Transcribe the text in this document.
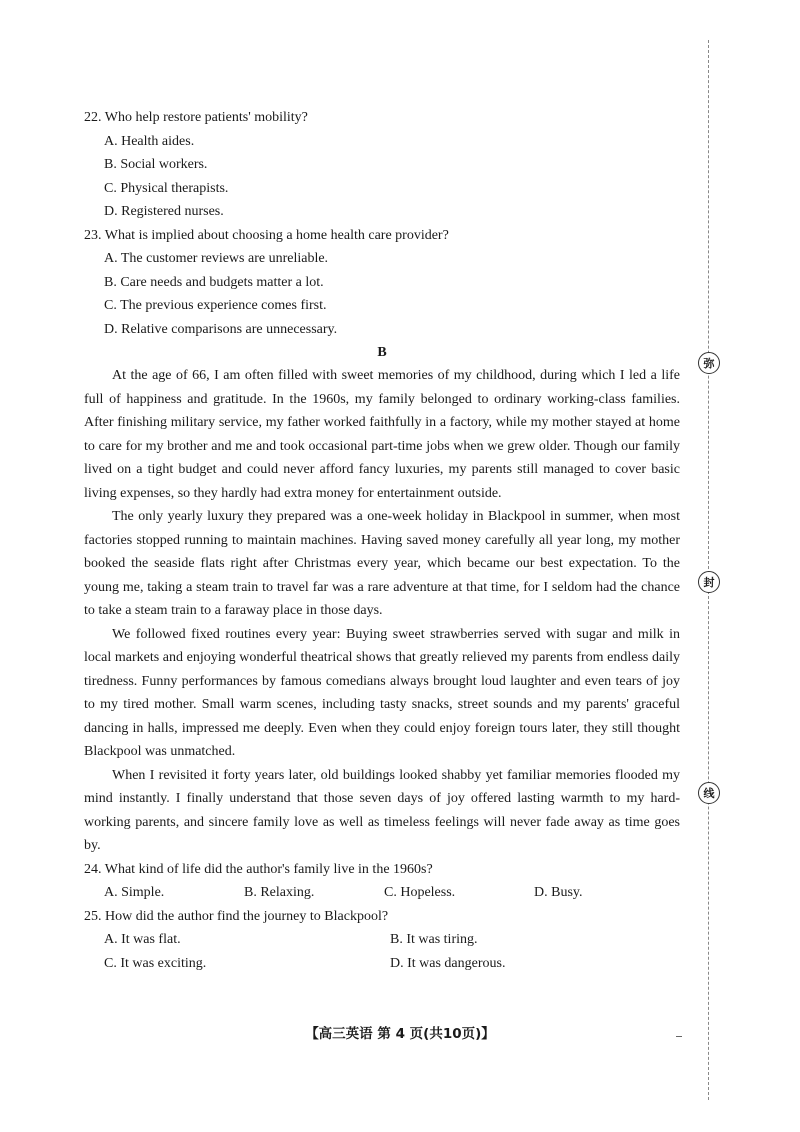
22. Who help restore patients' mobility?
A. Health aides.
B. Social workers.
C. Physical therapists.
D. Registered nurses.
23. What is implied about choosing a home health care provider?
A. The customer reviews are unreliable.
B. Care needs and budgets matter a lot.
C. The previous experience comes first.
D. Relative comparisons are unnecessary.
B

At the age of 66, I am often filled with sweet memories of my childhood, during which I led a life full of happiness and gratitude. In the 1960s, my family belonged to ordinary working-class families. After finishing military service, my father worked faithfully in a factory, while my mother stayed at home to care for my brother and me and took occasional part-time jobs when we grew older. Though our family lived on a tight budget and could never afford fancy luxuries, my parents still managed to cover basic living expenses, so they hardly had extra money for entertainment outside.

The only yearly luxury they prepared was a one-week holiday in Blackpool in summer, when most factories stopped running to maintain machines. Having saved money carefully all year long, my mother booked the seaside flats right after Christmas every year, which became our best expectation. To the young me, taking a steam train to travel far was a rare adventure at that time, for I seldom had the chance to take a steam train to a faraway place in those days.

We followed fixed routines every year: Buying sweet strawberries served with sugar and milk in local markets and enjoying wonderful theatrical shows that greatly relieved my parents from endless daily tiredness. Funny performances by famous comedians always brought loud laughter and even tears of joy to my tired mother. Small warm scenes, including tasty snacks, street sounds and my parents' graceful dancing in halls, impressed me deeply. Even when they could enjoy foreign tours later, they still thought Blackpool was unmatched.

When I revisited it forty years later, old buildings looked shabby yet familiar memories flooded my mind instantly. I finally understand that those seven days of joy offered lasting warmth to my hard-working parents, and sincere family love as well as timeless feelings will never fade away as time goes by.

24. What kind of life did the author's family live in the 1960s?
A. Simple.	B. Relaxing.	C. Hopeless.	D. Busy.
25. How did the author find the journey to Blackpool?
A. It was flat.	B. It was tiring.
C. It was exciting.	D. It was dangerous.
【高三英语 第 4 页(共10页)】
弥
封
线
